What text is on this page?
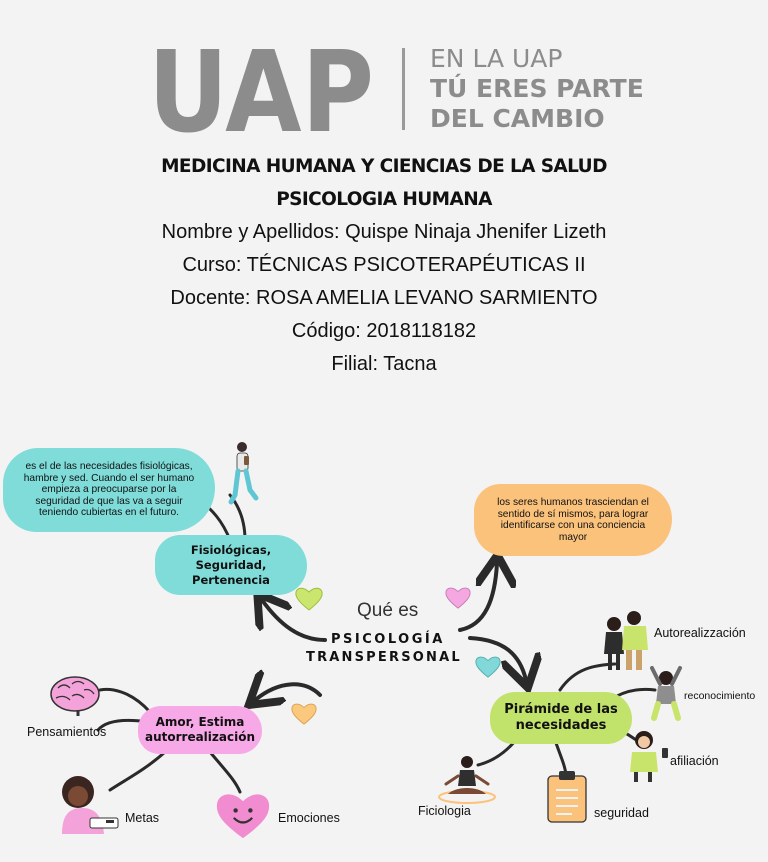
UAP EN LA UAP
TÚ ERES PARTE
DEL CAMBIO
MEDICINA HUMANA Y CIENCIAS DE LA SALUD
PSICOLOGIA HUMANA
Nombre y Apellidos: Quispe Ninaja Jhenifer Lizeth
Curso: TÉCNICAS PSICOTERAPÉUTICAS II
Docente: ROSA AMELIA LEVANO SARMIENTO
Código: 2018118182
Filial: Tacna
es el de las necesidades fisiológicas, hambre y sed. Cuando el ser humano empieza a preocuparse por la seguridad de que las va a seguir teniendo cubiertas en el futuro.
los seres humanos trasciendan el sentido de sí mismos, para lograr identificarse con una conciencia mayor
Fisiológicas,
Seguridad,
Pertenencia
Amor, Estima
autorrealización
Pirámide de las
necesidades
Qué es
PSICOLOGÍA
TRANSPERSONAL
Pensamientos
Metas	Emociones
Autorealizzación
reconocimiento
afiliación
seguridad
Ficiologia
